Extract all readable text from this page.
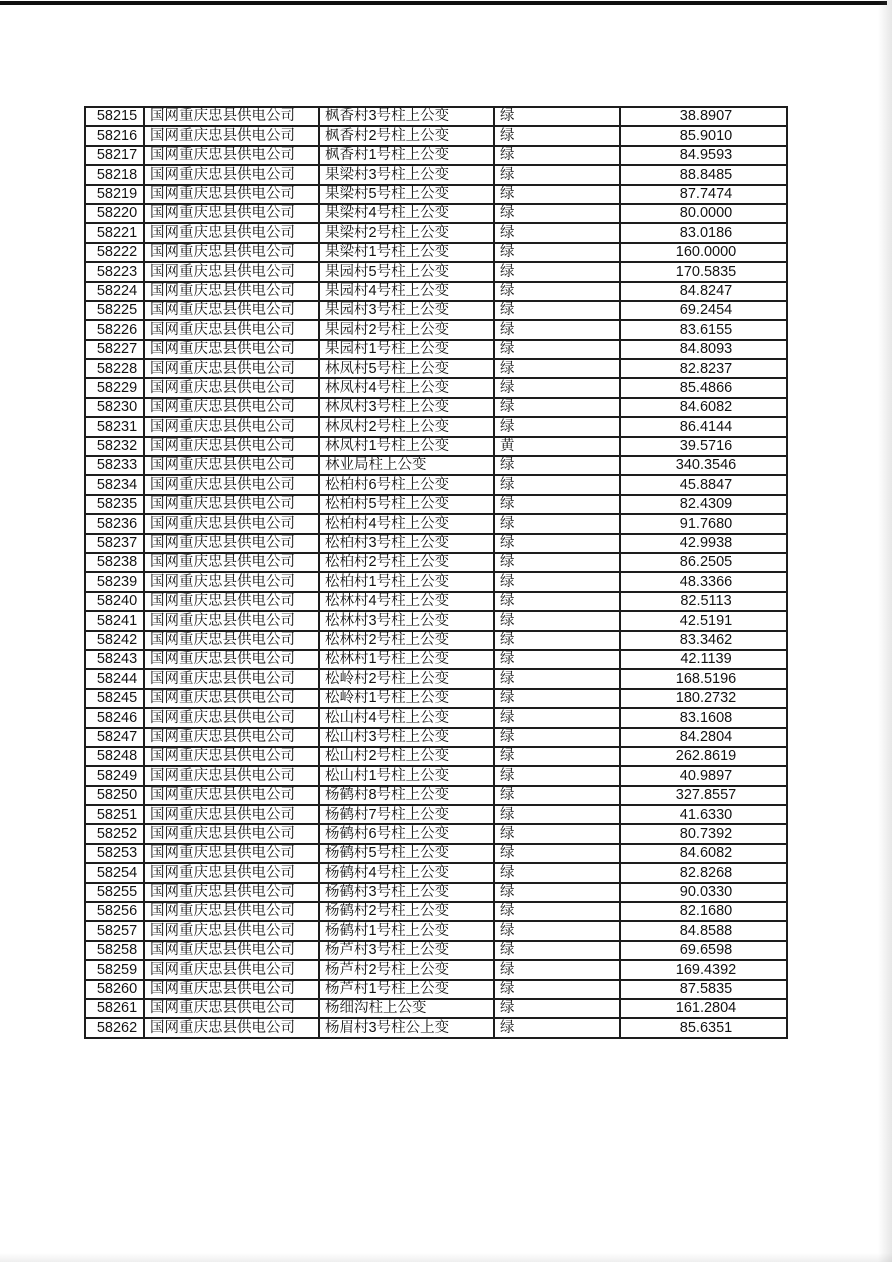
58215	国网重庆忠县供电公司	枫香村3号柱上公变	绿	38.8907
58216	国网重庆忠县供电公司	枫香村2号柱上公变	绿	85.9010
58217	国网重庆忠县供电公司	枫香村1号柱上公变	绿	84.9593
58218	国网重庆忠县供电公司	果梁村3号柱上公变	绿	88.8485
58219	国网重庆忠县供电公司	果梁村5号柱上公变	绿	87.7474
58220	国网重庆忠县供电公司	果梁村4号柱上公变	绿	80.0000
58221	国网重庆忠县供电公司	果梁村2号柱上公变	绿	83.0186
58222	国网重庆忠县供电公司	果梁村1号柱上公变	绿	160.0000
58223	国网重庆忠县供电公司	果园村5号柱上公变	绿	170.5835
58224	国网重庆忠县供电公司	果园村4号柱上公变	绿	84.8247
58225	国网重庆忠县供电公司	果园村3号柱上公变	绿	69.2454
58226	国网重庆忠县供电公司	果园村2号柱上公变	绿	83.6155
58227	国网重庆忠县供电公司	果园村1号柱上公变	绿	84.8093
58228	国网重庆忠县供电公司	林凤村5号柱上公变	绿	82.8237
58229	国网重庆忠县供电公司	林凤村4号柱上公变	绿	85.4866
58230	国网重庆忠县供电公司	林凤村3号柱上公变	绿	84.6082
58231	国网重庆忠县供电公司	林凤村2号柱上公变	绿	86.4144
58232	国网重庆忠县供电公司	林凤村1号柱上公变	黄	39.5716
58233	国网重庆忠县供电公司	林业局柱上公变	绿	340.3546
58234	国网重庆忠县供电公司	松柏村6号柱上公变	绿	45.8847
58235	国网重庆忠县供电公司	松柏村5号柱上公变	绿	82.4309
58236	国网重庆忠县供电公司	松柏村4号柱上公变	绿	91.7680
58237	国网重庆忠县供电公司	松柏村3号柱上公变	绿	42.9938
58238	国网重庆忠县供电公司	松柏村2号柱上公变	绿	86.2505
58239	国网重庆忠县供电公司	松柏村1号柱上公变	绿	48.3366
58240	国网重庆忠县供电公司	松林村4号柱上公变	绿	82.5113
58241	国网重庆忠县供电公司	松林村3号柱上公变	绿	42.5191
58242	国网重庆忠县供电公司	松林村2号柱上公变	绿	83.3462
58243	国网重庆忠县供电公司	松林村1号柱上公变	绿	42.1139
58244	国网重庆忠县供电公司	松岭村2号柱上公变	绿	168.5196
58245	国网重庆忠县供电公司	松岭村1号柱上公变	绿	180.2732
58246	国网重庆忠县供电公司	松山村4号柱上公变	绿	83.1608
58247	国网重庆忠县供电公司	松山村3号柱上公变	绿	84.2804
58248	国网重庆忠县供电公司	松山村2号柱上公变	绿	262.8619
58249	国网重庆忠县供电公司	松山村1号柱上公变	绿	40.9897
58250	国网重庆忠县供电公司	杨鹤村8号柱上公变	绿	327.8557
58251	国网重庆忠县供电公司	杨鹤村7号柱上公变	绿	41.6330
58252	国网重庆忠县供电公司	杨鹤村6号柱上公变	绿	80.7392
58253	国网重庆忠县供电公司	杨鹤村5号柱上公变	绿	84.6082
58254	国网重庆忠县供电公司	杨鹤村4号柱上公变	绿	82.8268
58255	国网重庆忠县供电公司	杨鹤村3号柱上公变	绿	90.0330
58256	国网重庆忠县供电公司	杨鹤村2号柱上公变	绿	82.1680
58257	国网重庆忠县供电公司	杨鹤村1号柱上公变	绿	84.8588
58258	国网重庆忠县供电公司	杨芦村3号柱上公变	绿	69.6598
58259	国网重庆忠县供电公司	杨芦村2号柱上公变	绿	169.4392
58260	国网重庆忠县供电公司	杨芦村1号柱上公变	绿	87.5835
58261	国网重庆忠县供电公司	杨细沟柱上公变	绿	161.2804
58262	国网重庆忠县供电公司	杨眉村3号柱公上变	绿	85.6351
